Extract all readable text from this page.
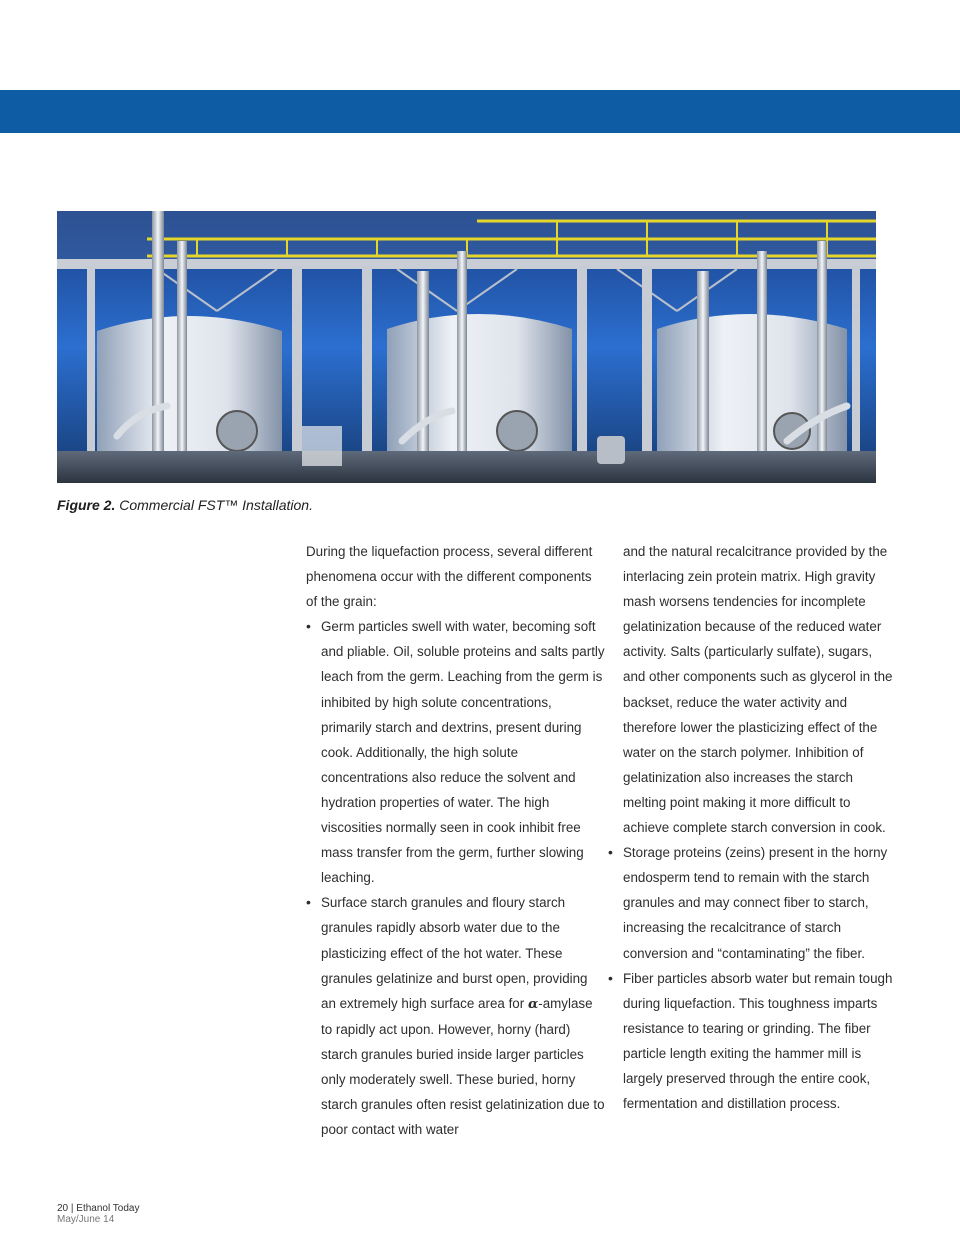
Figure 2. Commercial FST™ Installation.

During the liquefaction process, several different phenomena occur with the different components of the grain:

• Germ particles swell with water, becoming soft and pliable. Oil, soluble proteins and salts partly leach from the germ. Leaching from the germ is inhibited by high solute concentrations, primarily starch and dextrins, present during cook. Additionally, the high solute concentrations also reduce the solvent and hydration properties of water. The high viscosities normally seen in cook inhibit free mass transfer from the germ, further slowing leaching.
• Surface starch granules and floury starch granules rapidly absorb water due to the plasticizing effect of the hot water. These granules gelatinize and burst open, providing an extremely high surface area for α-amylase to rapidly act upon. However, horny (hard) starch granules buried inside larger particles only moderately swell. These buried, horny starch granules often resist gelatinization due to poor contact with water

and the natural recalcitrance provided by the interlacing zein protein matrix. High gravity mash worsens tendencies for incomplete gelatinization because of the reduced water activity. Salts (particularly sulfate), sugars, and other components such as glycerol in the backset, reduce the water activity and therefore lower the plasticizing effect of the water on the starch polymer. Inhibition of gelatinization also increases the starch melting point making it more difficult to achieve complete starch conversion in cook.

• Storage proteins (zeins) present in the horny endosperm tend to remain with the starch granules and may connect fiber to starch, increasing the recalcitrance of starch conversion and “contaminating” the fiber.
• Fiber particles absorb water but remain tough during liquefaction. This toughness imparts resistance to tearing or grinding. The fiber particle length exiting the hammer mill is largely preserved through the entire cook, fermentation and distillation process.
20 | Ethanol Today
May/June 14
